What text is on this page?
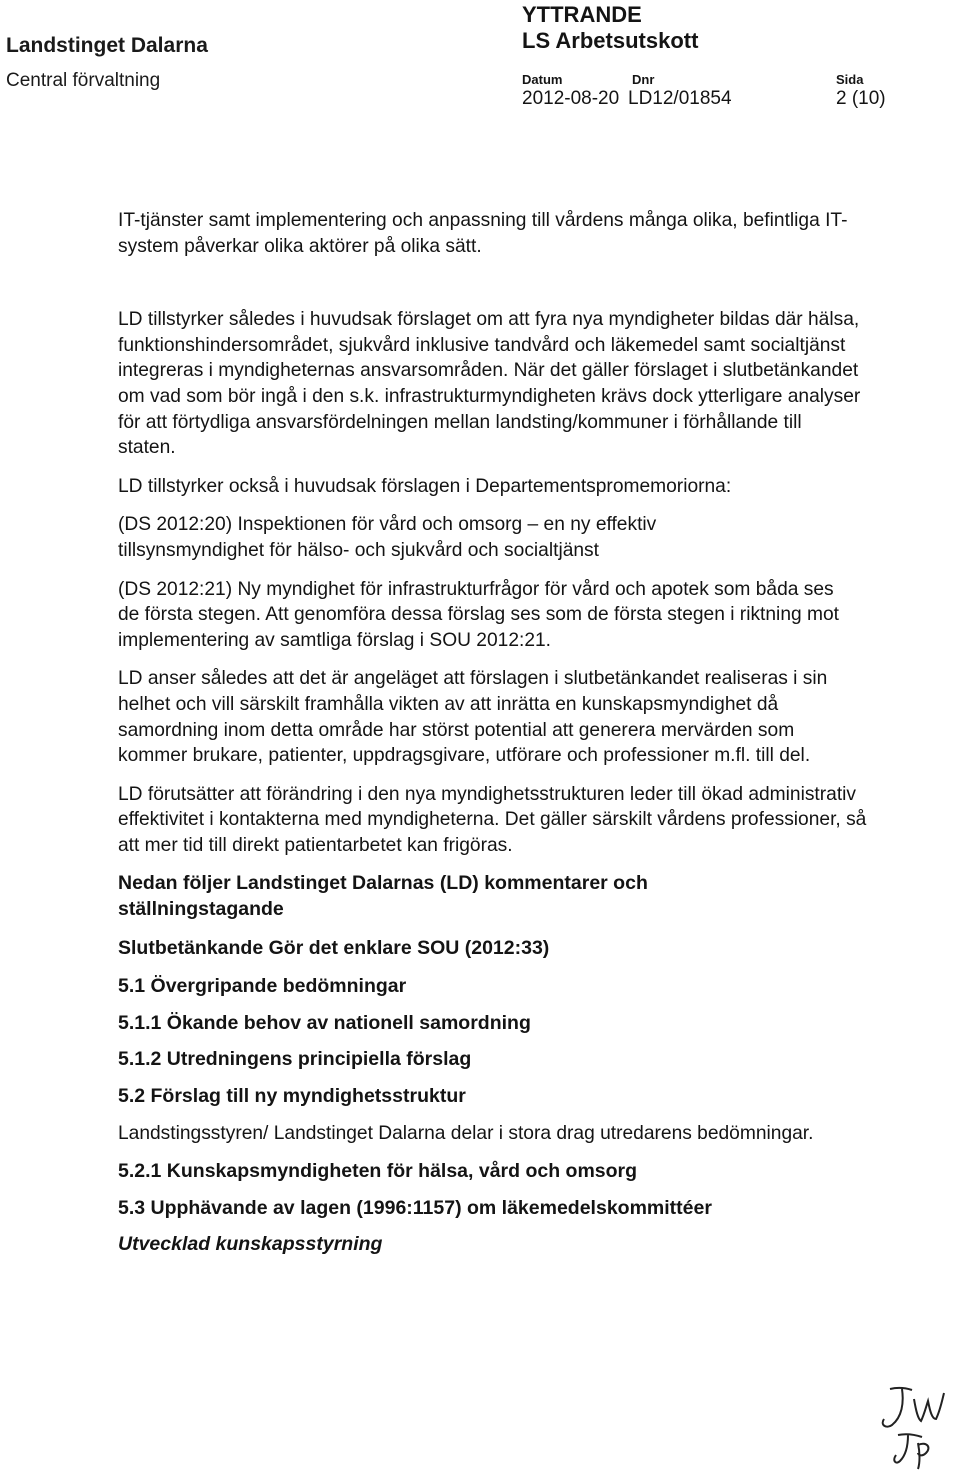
Landstinget Dalarna
Central förvaltning
YTTRANDE
LS Arbetsutskott
Datum	Dnr	Sida
2012-08-20 LD12/01854	2 (10)

IT-tjänster samt implementering och anpassning till vårdens många olika, befintliga IT-system påverkar olika aktörer på olika sätt.

LD tillstyrker således i huvudsak förslaget om att fyra nya myndigheter bildas där hälsa, funktionshindersområdet, sjukvård inklusive tandvård och läkemedel samt socialtjänst integreras i myndigheternas ansvarsområden. När det gäller förslaget i slutbetänkandet om vad som bör ingå i den s.k. infrastrukturmyndigheten krävs dock ytterligare analyser för att förtydliga ansvarsfördelningen mellan landsting/kommuner i förhållande till staten.

LD tillstyrker också i huvudsak förslagen i Departementspromemoriorna:

(DS 2012:20) Inspektionen för vård och omsorg – en ny effektiv tillsynsmyndighet för hälso- och sjukvård och socialtjänst

(DS 2012:21) Ny myndighet för infrastrukturfrågor för vård och apotek som båda ses de första stegen. Att genomföra dessa förslag ses som de första stegen i riktning mot implementering av samtliga förslag i SOU 2012:21.

LD anser således att det är angeläget att förslagen i slutbetänkandet realiseras i sin helhet och vill särskilt framhålla vikten av att inrätta en kunskapsmyndighet då samordning inom detta område har störst potential att generera mervärden som kommer brukare, patienter, uppdragsgivare, utförare och professioner m.fl. till del.

LD förutsätter att förändring i den nya myndighetsstrukturen leder till ökad administrativ effektivitet i kontakterna med myndigheterna. Det gäller särskilt vårdens professioner, så att mer tid till direkt patientarbetet kan frigöras.

Nedan följer Landstinget Dalarnas (LD) kommentarer och ställningstagande
Slutbetänkande Gör det enklare SOU (2012:33)
5.1 Övergripande bedömningar
5.1.1 Ökande behov av nationell samordning
5.1.2 Utredningens principiella förslag
5.2 Förslag till ny myndighetsstruktur

Landstingsstyren/ Landstinget Dalarna delar i stora drag utredarens bedömningar.

5.2.1 Kunskapsmyndigheten för hälsa, vård och omsorg
5.3 Upphävande av lagen (1996:1157) om läkemedelskommittéer

Utvecklad kunskapsstyrning
